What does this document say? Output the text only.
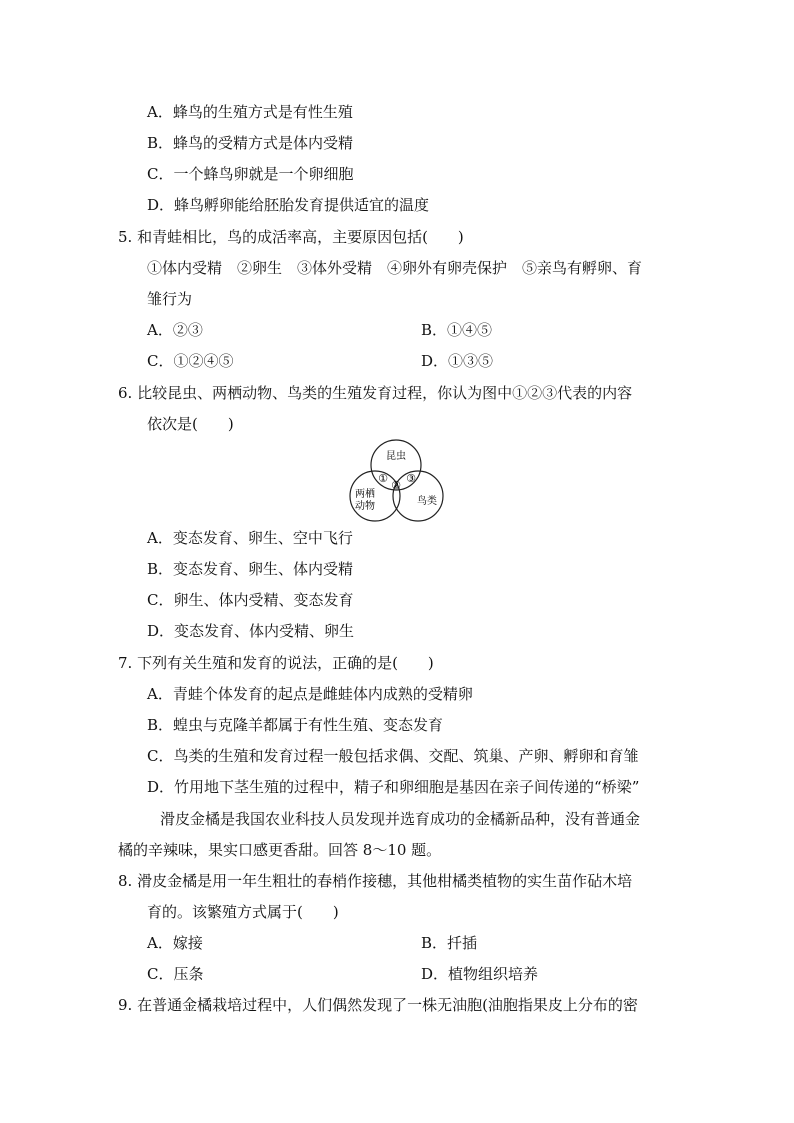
A．蜂鸟的生殖方式是有性生殖
B．蜂鸟的受精方式是体内受精
C．一个蜂鸟卵就是一个卵细胞
D．蜂鸟孵卵能给胚胎发育提供适宜的温度
5. 和青蛙相比，鸟的成活率高，主要原因包括(　　)
①体内受精　②卵生　③体外受精　④卵外有卵壳保护　⑤亲鸟有孵卵、育
雏行为
A．②③	B．①④⑤
C．①②④⑤	D．①③⑤
6. 比较昆虫、两栖动物、鸟类的生殖发育过程，你认为图中①②③代表的内容
依次是(　　)
昆虫
两栖
动物	鸟类
①
②
③
A．变态发育、卵生、空中飞行
B．变态发育、卵生、体内受精
C．卵生、体内受精、变态发育
D．变态发育、体内受精、卵生
7. 下列有关生殖和发育的说法，正确的是(　　)
A．青蛙个体发育的起点是雌蛙体内成熟的受精卵
B．蝗虫与克隆羊都属于有性生殖、变态发育
C．鸟类的生殖和发育过程一般包括求偶、交配、筑巢、产卵、孵卵和育雏
D．竹用地下茎生殖的过程中，精子和卵细胞是基因在亲子间传递的“桥梁”
滑皮金橘是我国农业科技人员发现并选育成功的金橘新品种，没有普通金
橘的辛辣味，果实口感更香甜。回答 8～10 题。
8. 滑皮金橘是用一年生粗壮的春梢作接穗，其他柑橘类植物的实生苗作砧木培
育的。该繁殖方式属于(　　)
A．嫁接	B．扦插
C．压条	D．植物组织培养
9. 在普通金橘栽培过程中，人们偶然发现了一株无油胞(油胞指果皮上分布的密
